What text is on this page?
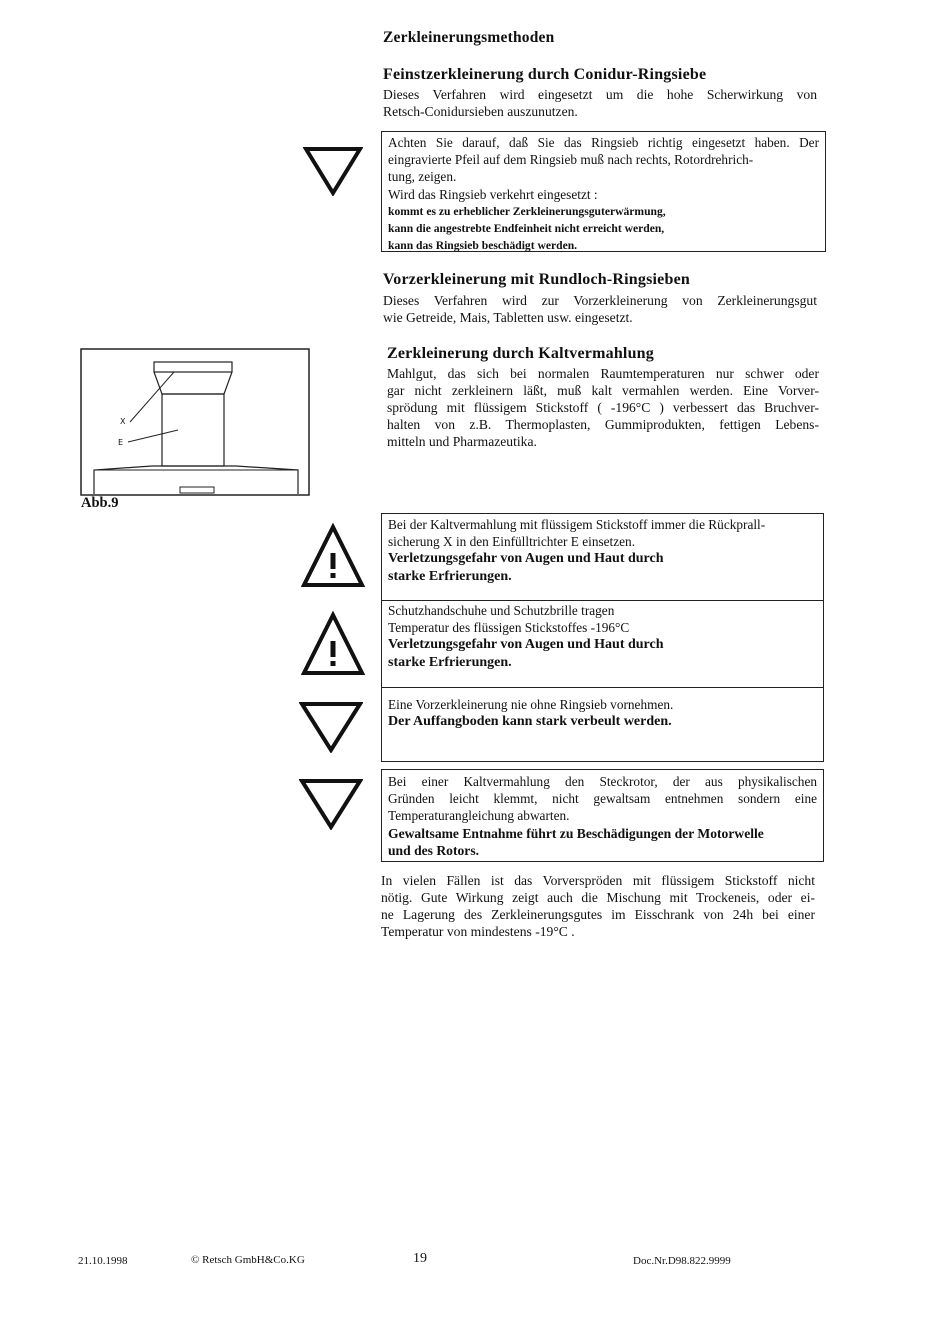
Zerkleinerungsmethoden
Feinstzerkleinerung durch Conidur-Ringsiebe
Dieses Verfahren wird eingesetzt um die hohe Scherwirkung von
Retsch-Conidursieben auszunutzen.
Achten Sie darauf, daß Sie das Ringsieb richtig eingesetzt haben. Der
eingravierte Pfeil auf dem Ringsieb muß nach rechts, Rotordrehrich-
tung, zeigen.
Wird das Ringsieb verkehrt eingesetzt :
kommt es zu erheblicher Zerkleinerungsguterwärmung,
kann die angestrebte Endfeinheit nicht erreicht werden,
kann das Ringsieb beschädigt werden.
Vorzerkleinerung mit Rundloch-Ringsieben
Dieses Verfahren wird zur Vorzerkleinerung von Zerkleinerungsgut
wie Getreide, Mais, Tabletten usw. eingesetzt.
X
E
Abb.9
Zerkleinerung durch Kaltvermahlung
Mahlgut, das sich bei normalen Raumtemperaturen nur schwer oder
gar nicht zerkleinern läßt, muß kalt vermahlen werden. Eine Vorver-
sprödung mit flüssigem Stickstoff ( -196°C ) verbessert das Bruchver-
halten von z.B. Thermoplasten, Gummiprodukten, fettigen Lebens-
mitteln und Pharmazeutika.
Bei der Kaltvermahlung mit flüssigem Stickstoff immer die Rückprall-
sicherung X in den Einfülltrichter E einsetzen.
Verletzungsgefahr von Augen und Haut durch
starke Erfrierungen.
Schutzhandschuhe und Schutzbrille tragen
Temperatur des flüssigen Stickstoffes -196°C
Verletzungsgefahr von Augen und Haut durch
starke Erfrierungen.
Eine Vorzerkleinerung nie ohne Ringsieb vornehmen.
Der Auffangboden kann stark verbeult werden.
Bei einer Kaltvermahlung den Steckrotor, der aus physikalischen
Gründen leicht klemmt, nicht gewaltsam entnehmen sondern eine
Temperaturangleichung abwarten.
Gewaltsame Entnahme führt zu Beschädigungen der Motorwelle
und des Rotors.
In vielen Fällen ist das Vorverspröden mit flüssigem Stickstoff nicht
nötig. Gute Wirkung zeigt auch die Mischung mit Trockeneis, oder ei-
ne Lagerung des Zerkleinerungsgutes im Eisschrank von 24h bei einer
Temperatur von mindestens -19°C .
21.10.1998	© Retsch GmbH&Co.KG	19	Doc.Nr.D98.822.9999
